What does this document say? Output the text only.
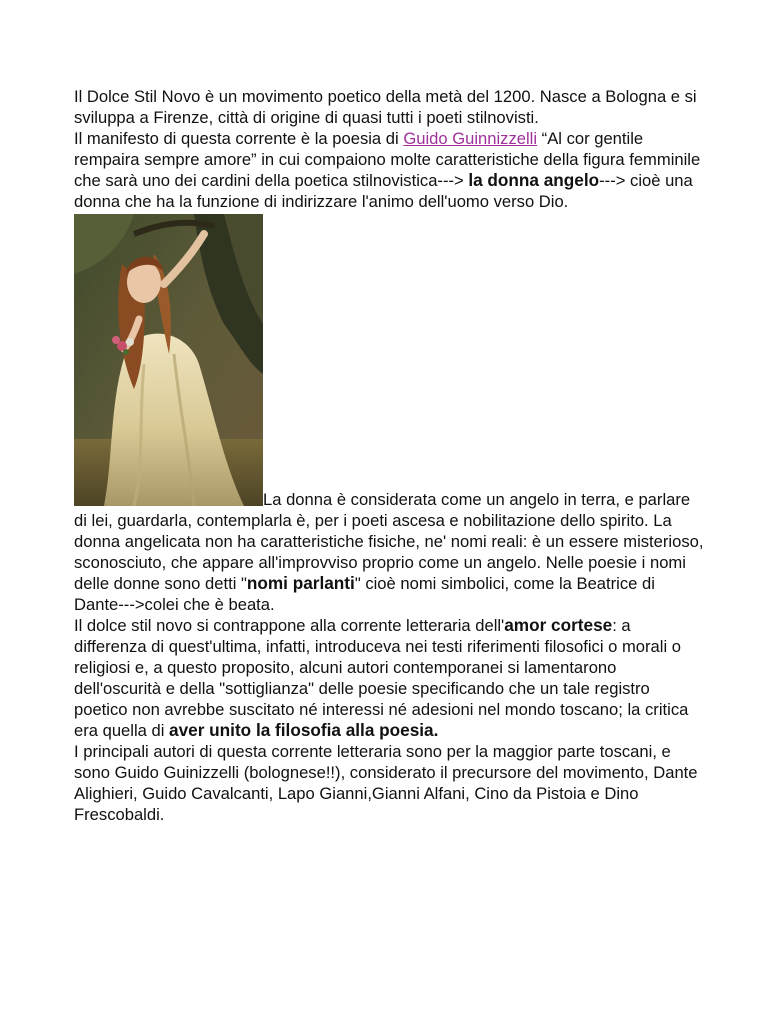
Il Dolce Stil Novo è un movimento poetico della metà del 1200. Nasce a Bologna e si sviluppa a Firenze, città di origine di quasi tutti i poeti stilnovisti.

Il manifesto di questa corrente è la poesia di Guido Guinnizzelli “Al cor gentile rempaira sempre amore” in cui compaiono molte caratteristiche della figura femminile che sarà uno dei cardini della poetica stilnovistica---> la donna angelo---> cioè una donna che ha la funzione di indirizzare l'animo dell'uomo verso Dio.

La donna è considerata come un angelo in terra, e parlare di lei, guardarla, contemplarla è, per i poeti ascesa e nobilitazione dello spirito. La donna angelicata non ha caratteristiche fisiche, ne' nomi reali: è un essere misterioso, sconosciuto, che appare all'improvviso proprio come un angelo. Nelle poesie i nomi delle donne sono detti "nomi parlanti" cioè nomi simbolici, come la Beatrice di Dante--->colei che è beata.

Il dolce stil novo si contrappone alla corrente letteraria dell'amor cortese: a differenza di quest'ultima, infatti, introduceva nei testi riferimenti filosofici o morali o religiosi e, a questo proposito, alcuni autori contemporanei si lamentarono dell'oscurità e della "sottiglianza" delle poesie specificando che un tale registro poetico non avrebbe suscitato né interessi né adesioni nel mondo toscano; la critica era quella di aver unito la filosofia alla poesia.

I principali autori di questa corrente letteraria sono per la maggior parte toscani, e sono Guido Guinizzelli (bolognese!!), considerato il precursore del movimento, Dante Alighieri, Guido Cavalcanti, Lapo Gianni,Gianni Alfani, Cino da Pistoia e Dino Frescobaldi.
